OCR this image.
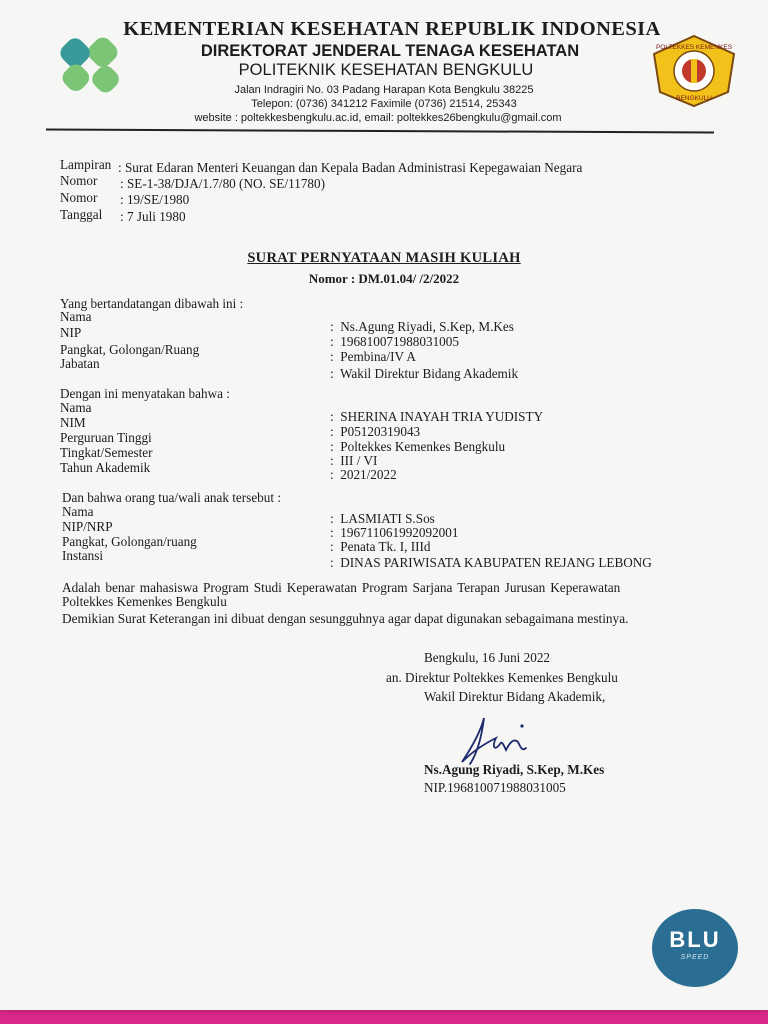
POLTEKKES KEMENKES
BENGKULU
KEMENTERIAN KESEHATAN REPUBLIK INDONESIA
DIREKTORAT JENDERAL TENAGA KESEHATAN
POLITEKNIK KESEHATAN BENGKULU
Jalan Indragiri No. 03 Padang Harapan Kota Bengkulu 38225
Telepon: (0736) 341212 Faximile (0736) 21514, 25343
website : poltekkesbengkulu.ac.id, email: poltekkes26bengkulu@gmail.com
Lampiran : Surat Edaran Menteri Keuangan dan Kepala Badan Administrasi Kepegawaian Negara
Nomor : SE-1-38/DJA/1.7/80 (NO. SE/11780)
Nomor : 19/SE/1980
Tanggal : 7 Juli 1980
SURAT PERNYATAAN MASIH KULIAH
Nomor : DM.01.04/ /2/2022
Yang bertandatangan dibawah ini :
Nama
:  Ns.Agung Riyadi, S.Kep, M.Kes
NIP
:  196810071988031005
Pangkat, Golongan/Ruang	:  Pembina/IV A
Jabatan
:  Wakil Direktur Bidang Akademik
Dengan ini menyatakan bahwa :
Nama
:  SHERINA INAYAH TRIA YUDISTY
NIM
:  P05120319043
Perguruan Tinggi
:  Poltekkes Kemenkes Bengkulu
Tingkat/Semester
:  III / VI
Tahun Akademik	:  2021/2022
Dan bahwa orang tua/wali anak tersebut :
Nama	:  LASMIATI S.Sos
NIP/NRP	:  196711061992092001
Pangkat, Golongan/ruang	:  Penata Tk. I, IIId
Instansi	:  DINAS PARIWISATA KABUPATEN REJANG LEBONG
Adalah benar mahasiswa Program Studi Keperawatan Program Sarjana Terapan Jurusan Keperawatan
Poltekkes Kemenkes Bengkulu
Demikian Surat Keterangan ini dibuat dengan sesungguhnya agar dapat digunakan sebagaimana mestinya.
Bengkulu, 16 Juni 2022
an. Direktur Poltekkes Kemenkes Bengkulu
Wakil Direktur Bidang Akademik,
Ns.Agung Riyadi, S.Kep, M.Kes
NIP.196810071988031005
BLU
SPEED
